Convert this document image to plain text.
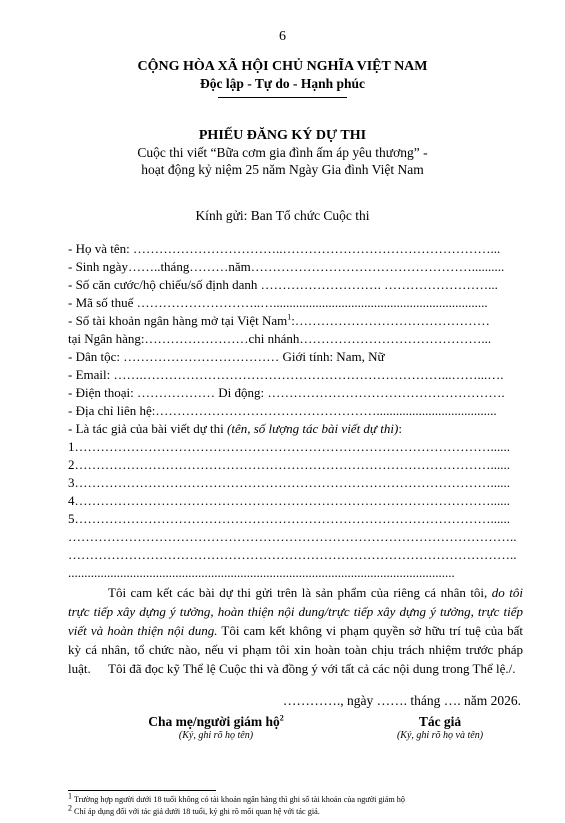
6
CỘNG HÒA XÃ HỘI CHỦ NGHĨA VIỆT NAM
Độc lập - Tự do - Hạnh phúc
PHIẾU ĐĂNG KÝ DỰ THI
Cuộc thi viết “Bữa cơm gia đình ấm áp yêu thương” -
hoạt động kỷ niệm 25 năm Ngày Gia đình Việt Nam
Kính gửi: Ban Tổ chức Cuộc thi
- Họ và tên: ……………………………..…………………………………………...
- Sinh ngày……..tháng………năm……………………………………………..........
- Số căn cước/hộ chiếu/số định danh ………………………. ……………………...
- Mã số thuế ………………………..…..................................................................
- Số tài khoản ngân hàng mở tại Việt Nam$^1$:………………………………………
tại Ngân hàng:……………………chi nhánh……………………………………...
- Dân tộc: ……………………………… Giới tính: Nam, Nữ
- Email: …….……………………………………………………………...……...….
- Điện thoại: ……………… Di động: ……………………………………………….
- Địa chỉ liên hệ:…………………………………………….....................................
- Là tác giả của bài viết dự thi (tên, số lượng tác bài viết dự thi):
1……………………………………………………………………………………......
2……………………………………………………………………………………......
3……………………………………………………………………………………......
4……………………………………………………………………………………......
5……………………………………………………………………………………......
…………………………………………………………………………………………..
…………………………………………………………………………………………..
.......................................................................................................................
Tôi cam kết các bài dự thi gửi trên là sản phẩm của riêng cá nhân tôi, do tôi trực tiếp xây dựng ý tưởng, hoàn thiện nội dung/trực tiếp xây dựng ý tưởng, trực tiếp viết và hoàn thiện nội dung. Tôi cam kết không vi phạm quyền sở hữu trí tuệ của bất kỳ cá nhân, tổ chức nào, nếu vi phạm tôi xin hoàn toàn chịu trách nhiệm trước pháp luật.	Tôi đã đọc kỹ Thể lệ Cuộc thi và đồng ý với tất cả các nội dung trong Thể lệ./.
…………., ngày ……. tháng …. năm 2026.
Cha mẹ/người giám hộ$^2$
(Ký, ghi rõ họ tên)
Tác giả
(Ký, ghi rõ họ và tên)
$^1$ Trường hợp người dưới 18 tuổi không có tài khoản ngân hàng thì ghi số tài khoản của người giám hộ
$^2$ Chỉ áp dụng đối với tác giả dưới 18 tuổi, ký ghi rõ mối quan hệ với tác giả.
